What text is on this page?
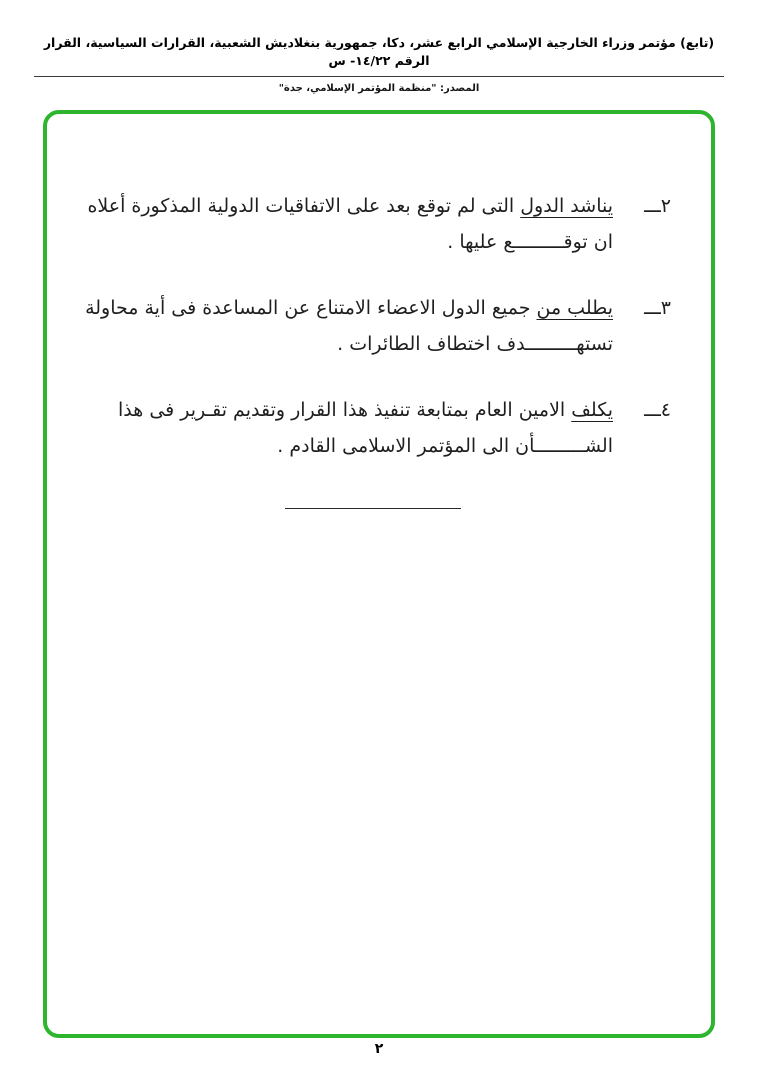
(تابع) مؤتمر وزراء الخارجية الإسلامي الرابع عشر، دكا، جمهورية بنغلاديش الشعبية، القرارات السياسية، القرار الرقم ١٤/٢٢- س
المصدر: "منظمة المؤتمر الإسلامي، جدة"
٢ـــ
يناشد الدول التى لم توقع بعد على الاتفاقيات الدولية المذكورة أعلاه ان توقـــــــــع عليها .
٣ـــ
يطلب من جميع الدول الاعضاء الامتناع عن المساعدة فى أية محاولة تستهـــــــــدف اختطاف الطائرات .
٤ـــ
يكلف الامين العام بمتابعة تنفيذ هذا القرار وتقديم تقـرير فى هذا الشـــــــــأن الى المؤتمر الاسلامى القادم .
٢
